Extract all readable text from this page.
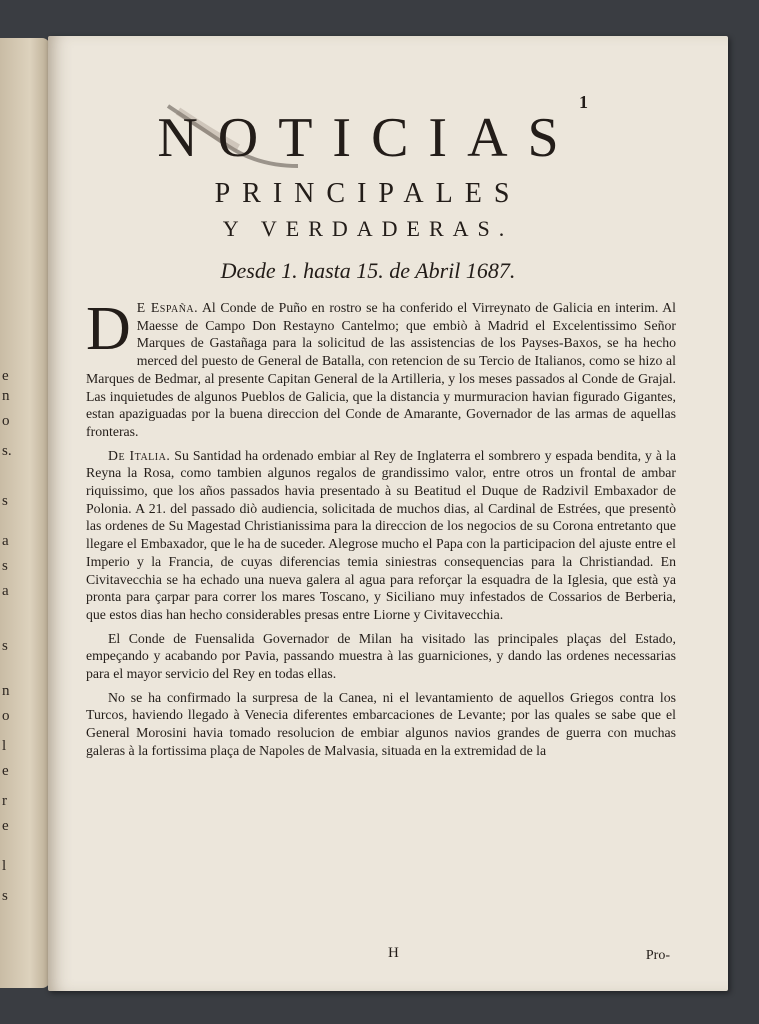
e
n
o
s.
s
a
s
a
s
n
o
l
e
r
e
l
s
1
NOTICIAS
PRINCIPALES
Y VERDADERAS.
Desde 1. hasta 15. de Abril 1687.

D E España. Al Conde de Puño en rostro se ha conferido el Virreynato de Galicia en interim. Al Maesse de Campo Don Restayno Cantelmo; que embiò à Madrid el Excelentissimo Señor Marques de Gastañaga para la solicitud de las assistencias de los Payses-Baxos, se ha hecho merced del puesto de General de Batalla, con retencion de su Tercio de Italianos, como se hizo al Marques de Bedmar, al presente Capitan General de la Artilleria, y los meses passados al Conde de Grajal. Las inquietudes de algunos Pueblos de Galicia, que la distancia y murmuracion havian figurado Gigantes, estan apaziguadas por la buena direccion del Conde de Amarante, Governador de las armas de aquellas fronteras.

De Italia. Su Santidad ha ordenado embiar al Rey de Inglaterra el sombrero y espada bendita, y à la Reyna la Rosa, como tambien algunos regalos de grandissimo valor, entre otros un frontal de ambar riquissimo, que los años passados havia presentado à su Beatitud el Duque de Radzivil Embaxador de Polonia. A 21. del passado diò audiencia, solicitada de muchos dias, al Cardinal de Estrées, que presentò las ordenes de Su Magestad Christianissima para la direccion de los negocios de su Corona entretanto que llegare el Embaxador, que le ha de suceder. Alegrose mucho el Papa con la participacion del ajuste entre el Imperio y la Francia, de cuyas diferencias temia siniestras consequencias para la Christiandad. En Civitavecchia se ha echado una nueva galera al agua para reforçar la esquadra de la Iglesia, que està ya pronta para çarpar para correr los mares Toscano, y Siciliano muy infestados de Cossarios de Berberia, que estos dias han hecho considerables presas entre Liorne y Civitavecchia.

El Conde de Fuensalida Governador de Milan ha visitado las principales plaças del Estado, empeçando y acabando por Pavia, passando muestra à las guarniciones, y dando las ordenes necessarias para el mayor servicio del Rey en todas ellas.

No se ha confirmado la surpresa de la Canea, ni el levantamiento de aquellos Griegos contra los Turcos, haviendo llegado à Venecia diferentes embarcaciones de Levante; por las quales se sabe que el General Morosini havia tomado resolucion de embiar algunos navios grandes de guerra con muchas galeras à la fortissima plaça de Napoles de Malvasia, situada en la extremidad de la

H	Pro-
